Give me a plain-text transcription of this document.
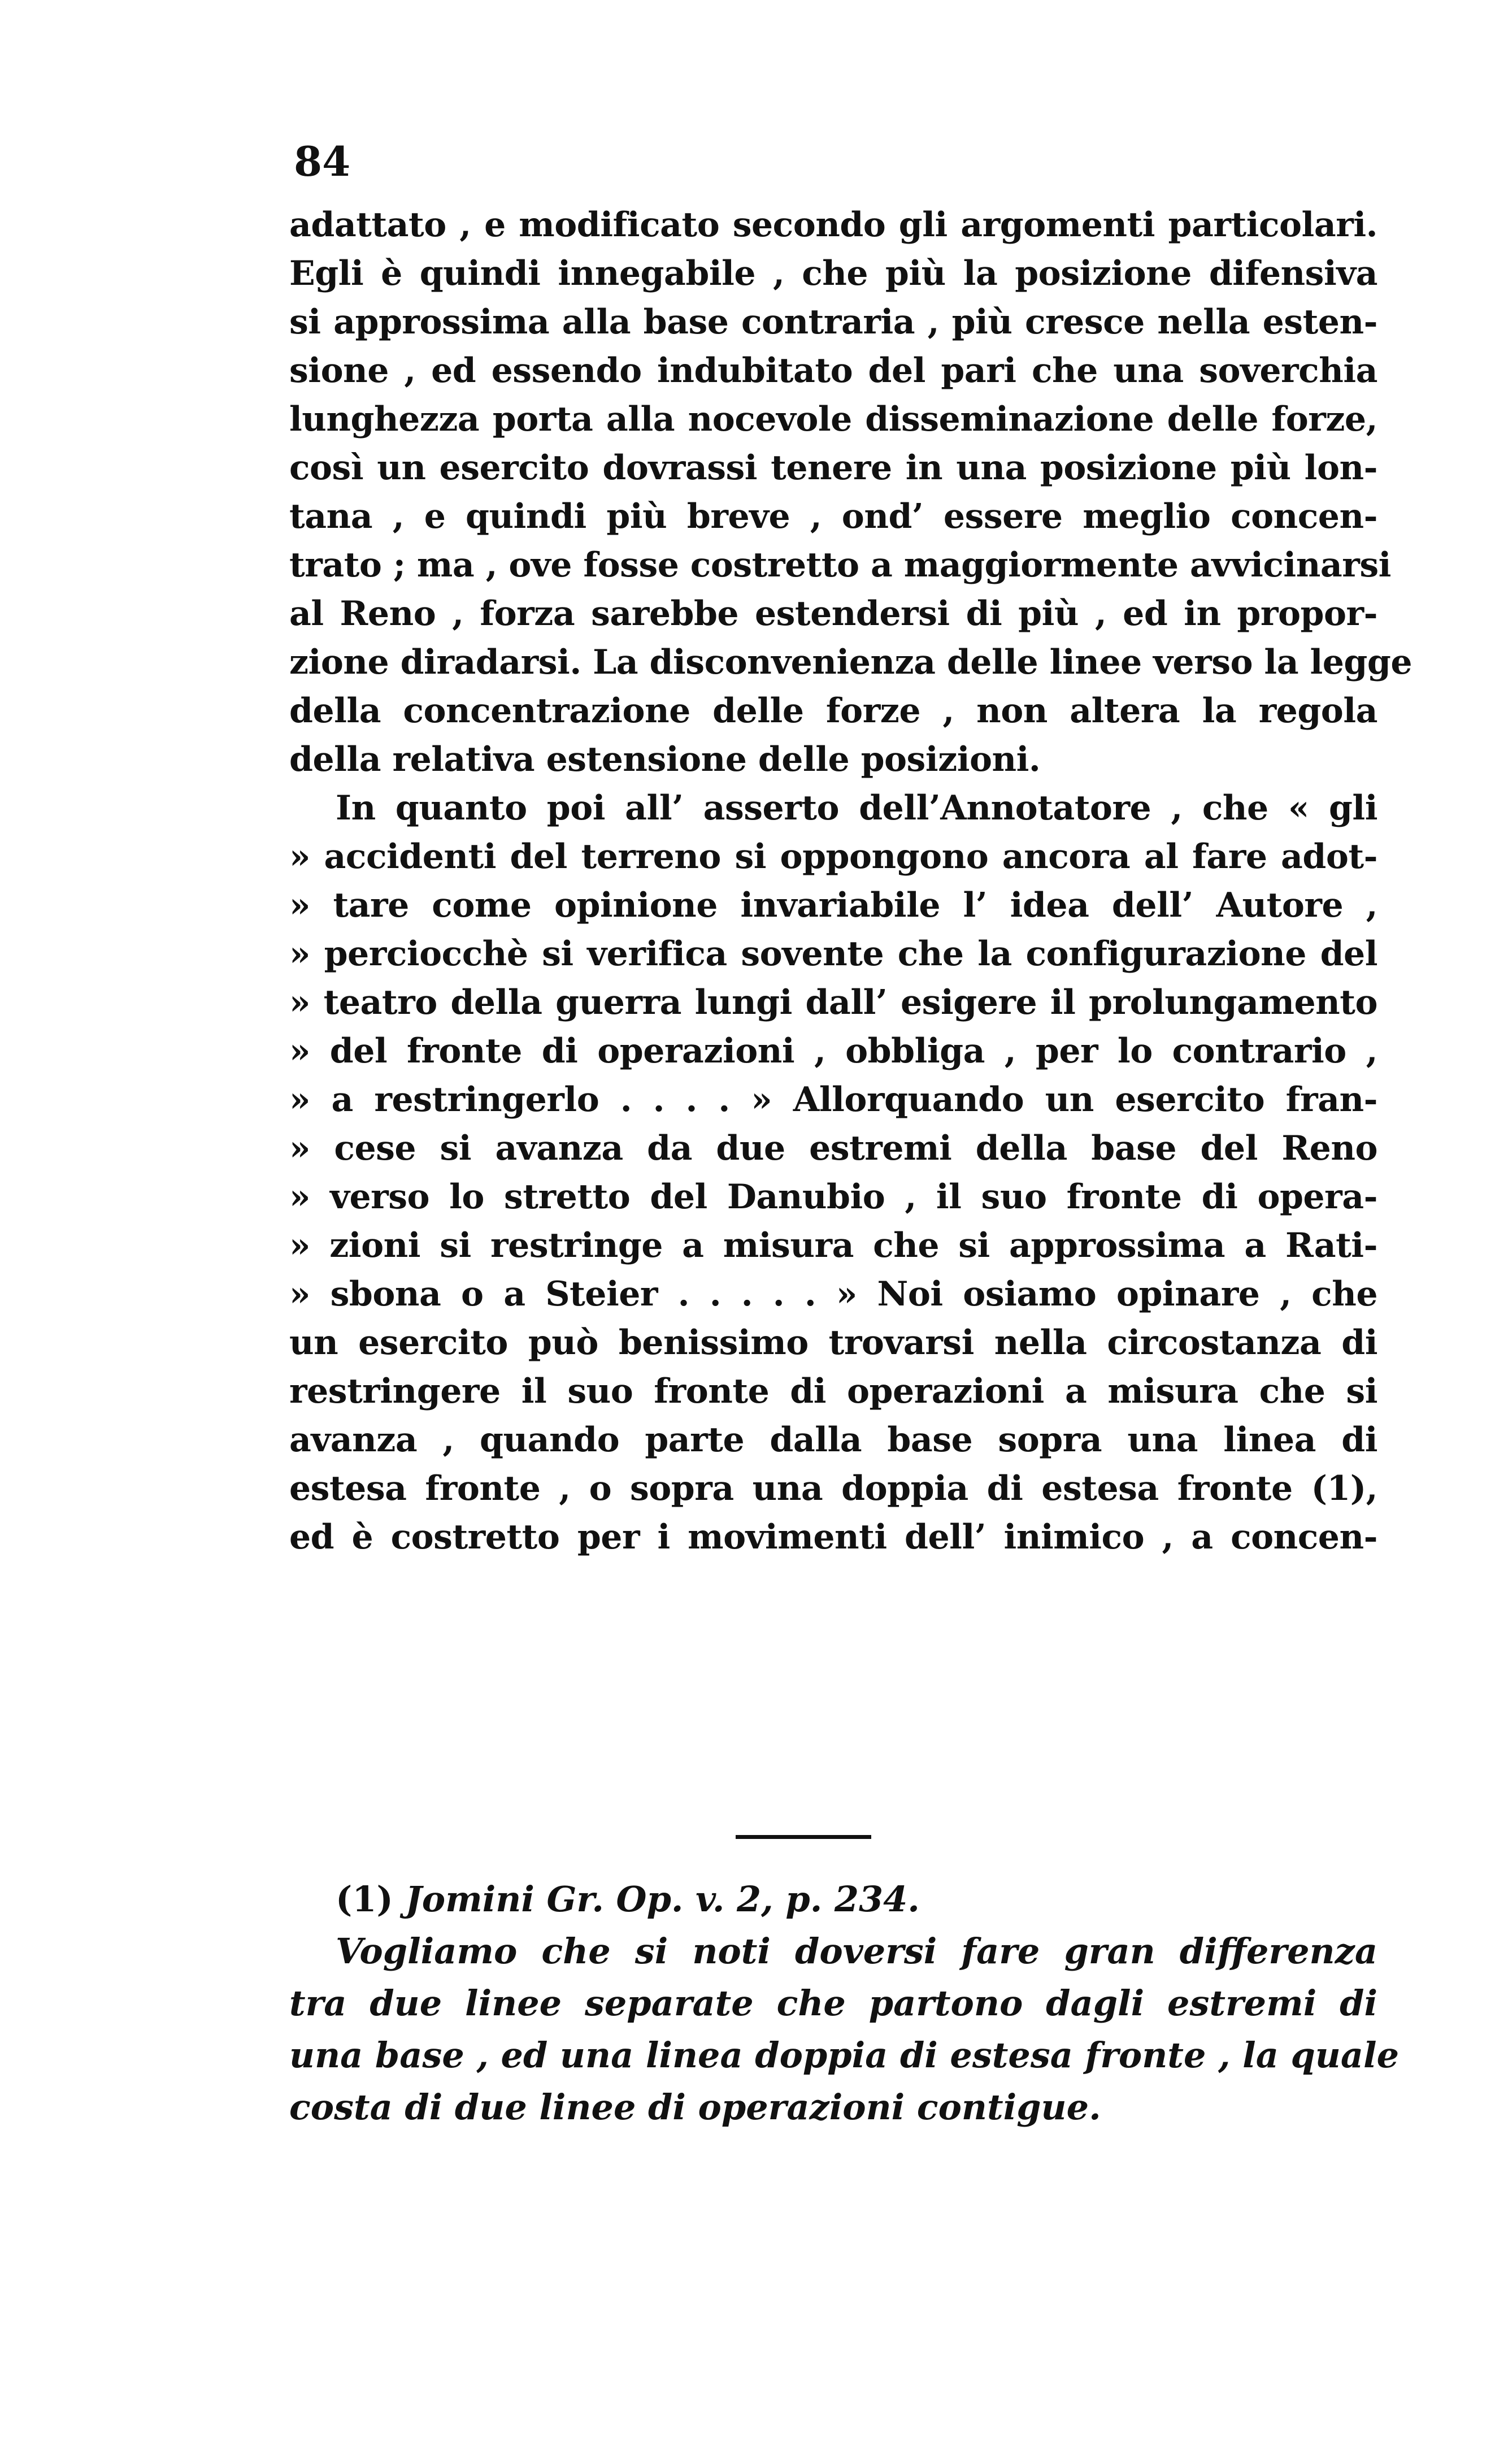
84
adattato , e modificato secondo gli argomenti particolari.
Egli è quindi innegabile , che più la posizione difensiva
si approssima alla base contraria , più cresce nella esten-
sione , ed essendo indubitato del pari che una soverchia
lunghezza porta alla nocevole disseminazione delle forze,
così un esercito dovrassi tenere in una posizione più lon-
tana , e quindi più breve , ond’ essere meglio concen-
trato ; ma , ove fosse costretto a maggiormente avvicinarsi
al Reno , forza sarebbe estendersi di più , ed in propor-
zione diradarsi. La disconvenienza delle linee verso la legge
della concentrazione delle forze , non altera la regola
della relativa estensione delle posizioni.
In quanto poi all’ asserto dell’Annotatore , che « gli
» accidenti del terreno si oppongono ancora al fare adot-
» tare come opinione invariabile l’ idea dell’ Autore ,
» perciocchè si verifica sovente che la configurazione del
» teatro della guerra lungi dall’ esigere il prolungamento
» del fronte di operazioni , obbliga , per lo contrario ,
» a restringerlo . . . . » Allorquando un esercito fran-
» cese si avanza da due estremi della base del Reno
» verso lo stretto del Danubio , il suo fronte di opera-
» zioni si restringe a misura che si approssima a Rati-
» sbona o a Steier . . . . . » Noi osiamo opinare , che
un esercito può benissimo trovarsi nella circostanza di
restringere il suo fronte di operazioni a misura che si
avanza , quando parte dalla base sopra una linea di
estesa fronte , o sopra una doppia di estesa fronte (1),
ed è costretto per i movimenti dell’ inimico , a concen-
(1) Jomini Gr. Op. v. 2, p. 234.
Vogliamo che si noti doversi fare gran differenza
tra due linee separate che partono dagli estremi di
una base , ed una linea doppia di estesa fronte , la quale
costa di due linee di operazioni contigue.
